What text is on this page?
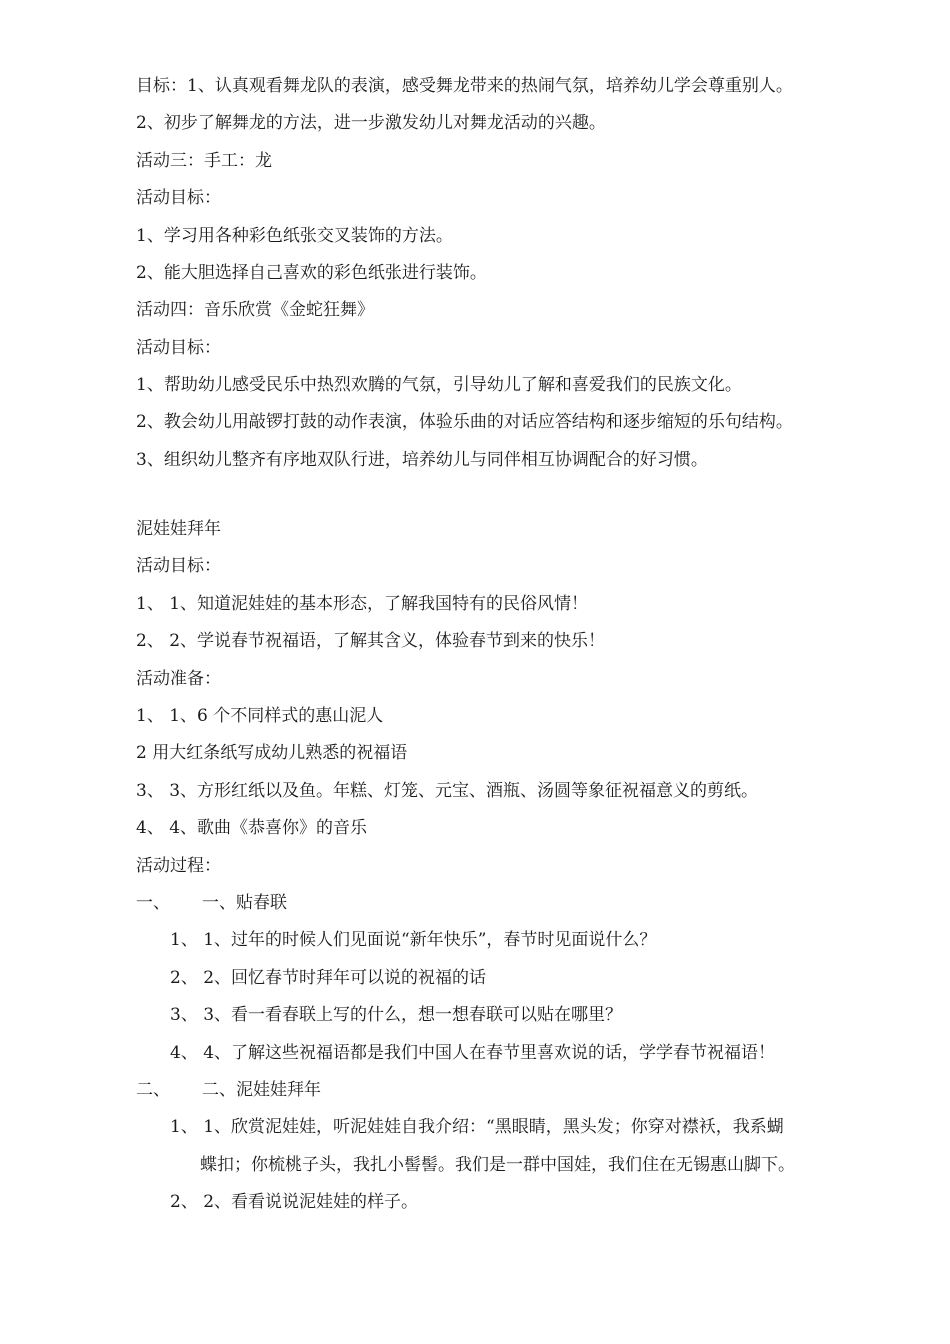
目标：1、认真观看舞龙队的表演，感受舞龙带来的热闹气氛，培养幼儿学会尊重别人。
2、初步了解舞龙的方法，进一步激发幼儿对舞龙活动的兴趣。
活动三：手工：龙
活动目标：
1、学习用各种彩色纸张交叉装饰的方法。
2、能大胆选择自己喜欢的彩色纸张进行装饰。
活动四：音乐欣赏《金蛇狂舞》
活动目标：
1、帮助幼儿感受民乐中热烈欢腾的气氛，引导幼儿了解和喜爱我们的民族文化。
2、教会幼儿用敲锣打鼓的动作表演，体验乐曲的对话应答结构和逐步缩短的乐句结构。
3、组织幼儿整齐有序地双队行进，培养幼儿与同伴相互协调配合的好习惯。
泥娃娃拜年
活动目标：
1、 1、知道泥娃娃的基本形态，了解我国特有的民俗风情！
2、 2、学说春节祝福语，了解其含义，体验春节到来的快乐！
活动准备：
1、 1、6 个不同样式的惠山泥人
2 用大红条纸写成幼儿熟悉的祝福语
3、 3、方形红纸以及鱼。年糕、灯笼、元宝、酒瓶、汤圆等象征祝福意义的剪纸。
4、 4、歌曲《恭喜你》的音乐
活动过程：
一、 一、贴春联
1、 1、过年的时候人们见面说“新年快乐”，春节时见面说什么？
2、 2、回忆春节时拜年可以说的祝福的话
3、 3、看一看春联上写的什么，想一想春联可以贴在哪里？
4、 4、了解这些祝福语都是我们中国人在春节里喜欢说的话，学学春节祝福语！
二、 二、泥娃娃拜年
1、 1、欣赏泥娃娃，听泥娃娃自我介绍：“黑眼睛，黑头发；你穿对襟袄，我系蝴
蝶扣；你梳桃子头，我扎小髻髻。我们是一群中国娃，我们住在无锡惠山脚下。
2、 2、看看说说泥娃娃的样子。
